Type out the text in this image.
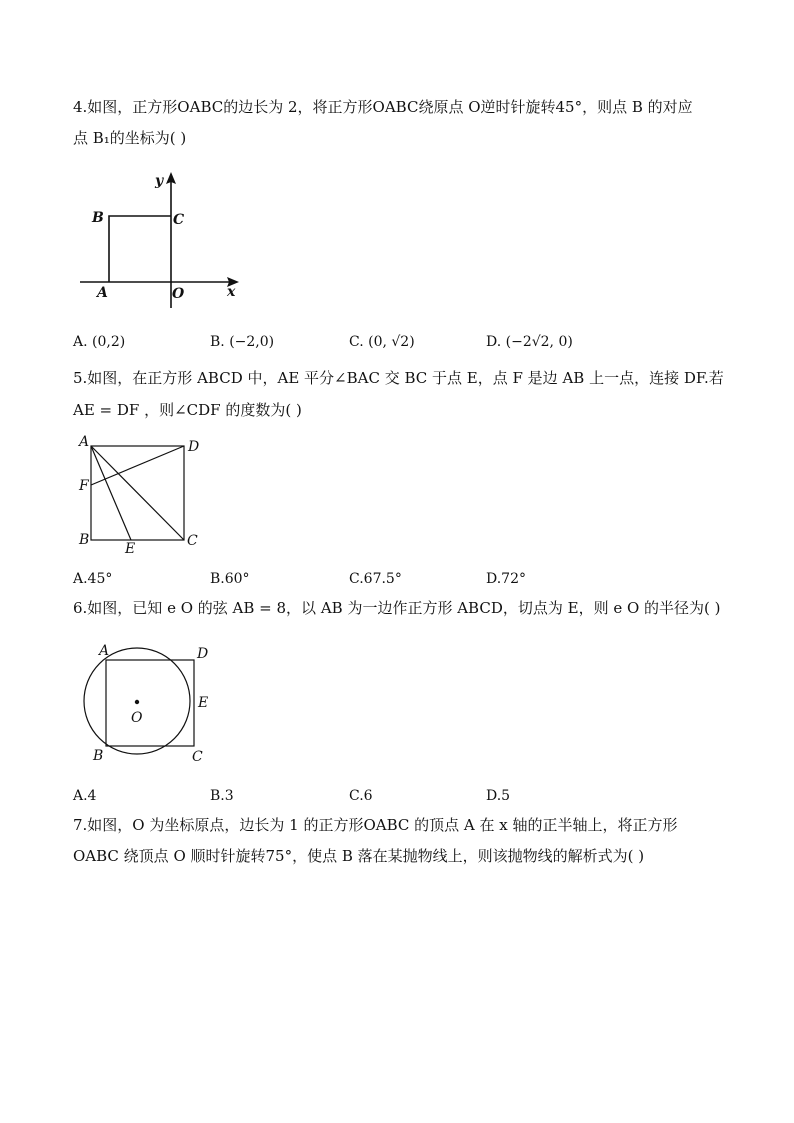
4.如图，正方形OABC的边长为 2，将正方形OABC绕原点 O逆时针旋转45°，则点 B 的对应
点 B₁的坐标为( )
y
x
B	C
A	O
A. (0,2)	B. (−2,0)	C. (0, √2)	D. (−2√2, 0)
5.如图，在正方形 ABCD 中，AE 平分∠BAC 交 BC 于点 E，点 F 是边 AB 上一点，连接 DF.若
AE = DF ，则∠CDF 的度数为( )
A	D
F
B
E	C
A.45°	B.60°	C.67.5°	D.72°
6.如图，已知 e O 的弦 AB = 8，以 AB 为一边作正方形 ABCD，切点为 E，则 e O 的半径为( )
A	D
E
O
B	C
A.4	B.3	C.6	D.5
7.如图，O 为坐标原点，边长为 1 的正方形OABC 的顶点 A 在 x 轴的正半轴上，将正方形
OABC 绕顶点 O 顺时针旋转75°，使点 B 落在某抛物线上，则该抛物线的解析式为( )
